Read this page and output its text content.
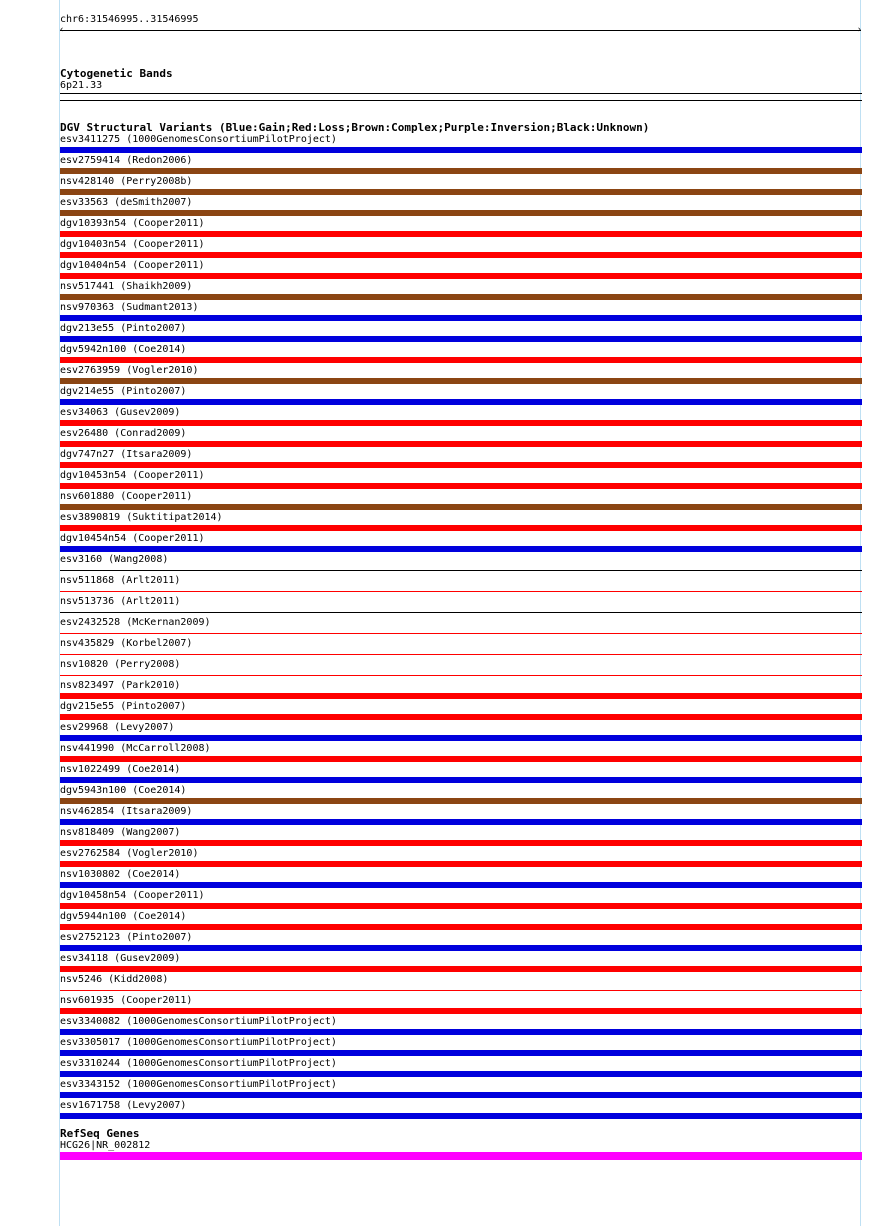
chr6:31546995..31546995
‹	›
Cytogenetic Bands
6p21.33
DGV Structural Variants (Blue:Gain;Red:Loss;Brown:Complex;Purple:Inversion;Black:Unknown)
esv3411275 (1000GenomesConsortiumPilotProject)
esv2759414 (Redon2006)
nsv428140 (Perry2008b)
esv33563 (deSmith2007)
dgv10393n54 (Cooper2011)
dgv10403n54 (Cooper2011)
dgv10404n54 (Cooper2011)
nsv517441 (Shaikh2009)
nsv970363 (Sudmant2013)
dgv213e55 (Pinto2007)
dgv5942n100 (Coe2014)
esv2763959 (Vogler2010)
dgv214e55 (Pinto2007)
esv34063 (Gusev2009)
esv26480 (Conrad2009)
dgv747n27 (Itsara2009)
dgv10453n54 (Cooper2011)
nsv601880 (Cooper2011)
esv3890819 (Suktitipat2014)
dgv10454n54 (Cooper2011)
esv3160 (Wang2008)
nsv511868 (Arlt2011)
nsv513736 (Arlt2011)
esv2432528 (McKernan2009)
nsv435829 (Korbel2007)
nsv10820 (Perry2008)
nsv823497 (Park2010)
dgv215e55 (Pinto2007)
esv29968 (Levy2007)
nsv441990 (McCarroll2008)
nsv1022499 (Coe2014)
dgv5943n100 (Coe2014)
nsv462854 (Itsara2009)
nsv818409 (Wang2007)
esv2762584 (Vogler2010)
nsv1030802 (Coe2014)
dgv10458n54 (Cooper2011)
dgv5944n100 (Coe2014)
esv2752123 (Pinto2007)
esv34118 (Gusev2009)
nsv5246 (Kidd2008)
nsv601935 (Cooper2011)
esv3340082 (1000GenomesConsortiumPilotProject)
esv3305017 (1000GenomesConsortiumPilotProject)
esv3310244 (1000GenomesConsortiumPilotProject)
esv3343152 (1000GenomesConsortiumPilotProject)
esv1671758 (Levy2007)
RefSeq Genes
HCG26|NR_002812
